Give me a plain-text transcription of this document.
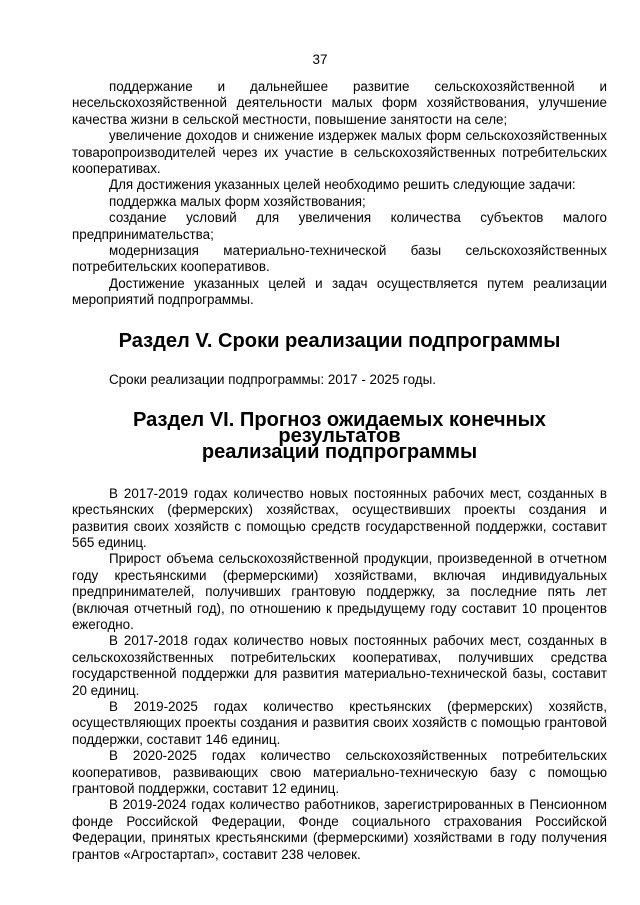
37

поддержание и дальнейшее развитие сельскохозяйственной и несельскохозяйственной деятельности малых форм хозяйствования, улучшение качества жизни в сельской местности, повышение занятости на селе;

увеличение доходов и снижение издержек малых форм сельскохозяйственных товаропроизводителей через их участие в сельскохозяйственных потребительских кооперативах.

Для достижения указанных целей необходимо решить следующие задачи:

поддержка малых форм хозяйствования;

создание условий для увеличения количества субъектов малого предпринимательства;

модернизация материально-технической базы сельскохозяйственных потребительских кооперативов.

Достижение указанных целей и задач осуществляется путем реализации мероприятий подпрограммы.

Раздел V. Сроки реализации подпрограммы

Сроки реализации подпрограммы: 2017 - 2025 годы.

Раздел VI. Прогноз ожидаемых конечных результатов
реализации подпрограммы

В 2017-2019 годах количество новых постоянных рабочих мест, созданных в крестьянских (фермерских) хозяйствах, осуществивших проекты создания и развития своих хозяйств с помощью средств государственной поддержки, составит 565 единиц.

Прирост объема сельскохозяйственной продукции, произведенной в отчетном году крестьянскими (фермерскими) хозяйствами, включая индивидуальных предпринимателей, получившиx грантовую поддержку, за последние пять лет (включая отчетный год), по отношению к предыдущему году составит 10 процентов ежегодно.

В 2017-2018 годах количество новых постоянных рабочих мест, созданных в сельскохозяйственных потребительских кооперативах, получивших средства государственной поддержки для развития материально-технической базы, составит 20 единиц.

В 2019-2025 годах количество крестьянских (фермерских) хозяйств, осуществляющих проекты создания и развития своих хозяйств с помощью грантовой поддержки, составит 146 единиц.

В 2020-2025 годах количество сельскохозяйственных потребительских кооперативов, развивающих свою материально-техническую базу с помощью грантовой поддержки, составит 12 единиц.

В 2019-2024 годах количество работников, зарегистрированных в Пенсионном фонде Российской Федерации, Фонде социального страхования Российской Федерации, принятых крестьянскими (фермерскими) хозяйствами в году получения грантов «Агростартап», составит 238 человек.
